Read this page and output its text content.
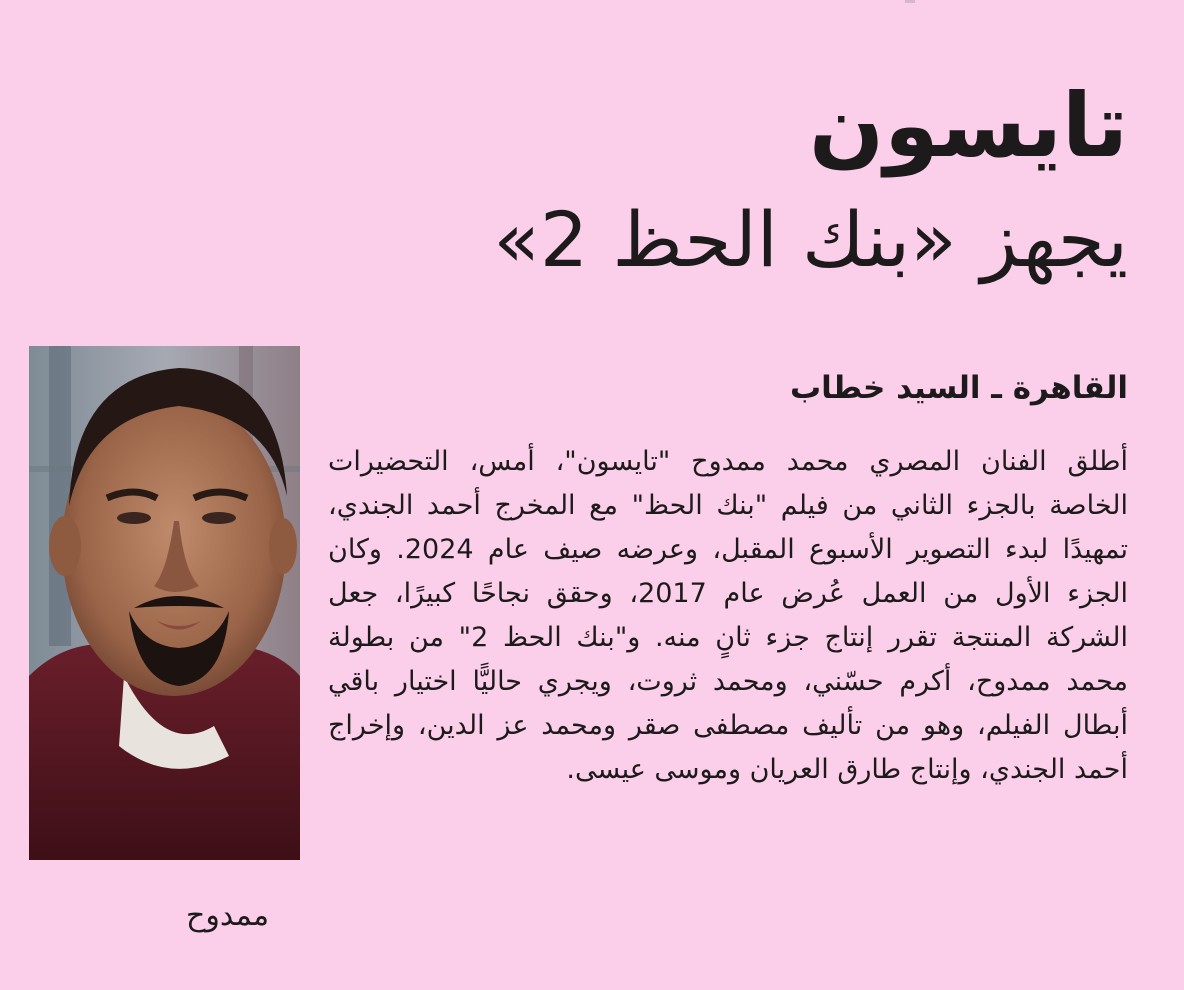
تايسون
يجهز «بنك الحظ 2»

ممدوح

القاهرة ـ السيد خطاب

أطلق الفنان المصري محمد ممدوح "تايسون"، أمس، التحضيرات الخاصة بالجزء الثاني من فيلم "بنك الحظ" مع المخرج أحمد الجندي، تمهيدًا لبدء التصوير الأسبوع المقبل، وعرضه صيف عام 2024. وكان الجزء الأول من العمل عُرض عام 2017، وحقق نجاحًا كبيرًا، جعل الشركة المنتجة تقرر إنتاج جزء ثانٍ منه. و"بنك الحظ 2" من بطولة محمد ممدوح، أكرم حسّني، ومحمد ثروت، ويجري حاليًّا اختيار باقي أبطال الفيلم، وهو من تأليف مصطفى صقر ومحمد عز الدين، وإخراج أحمد الجندي، وإنتاج طارق العريان وموسى عيسى.
